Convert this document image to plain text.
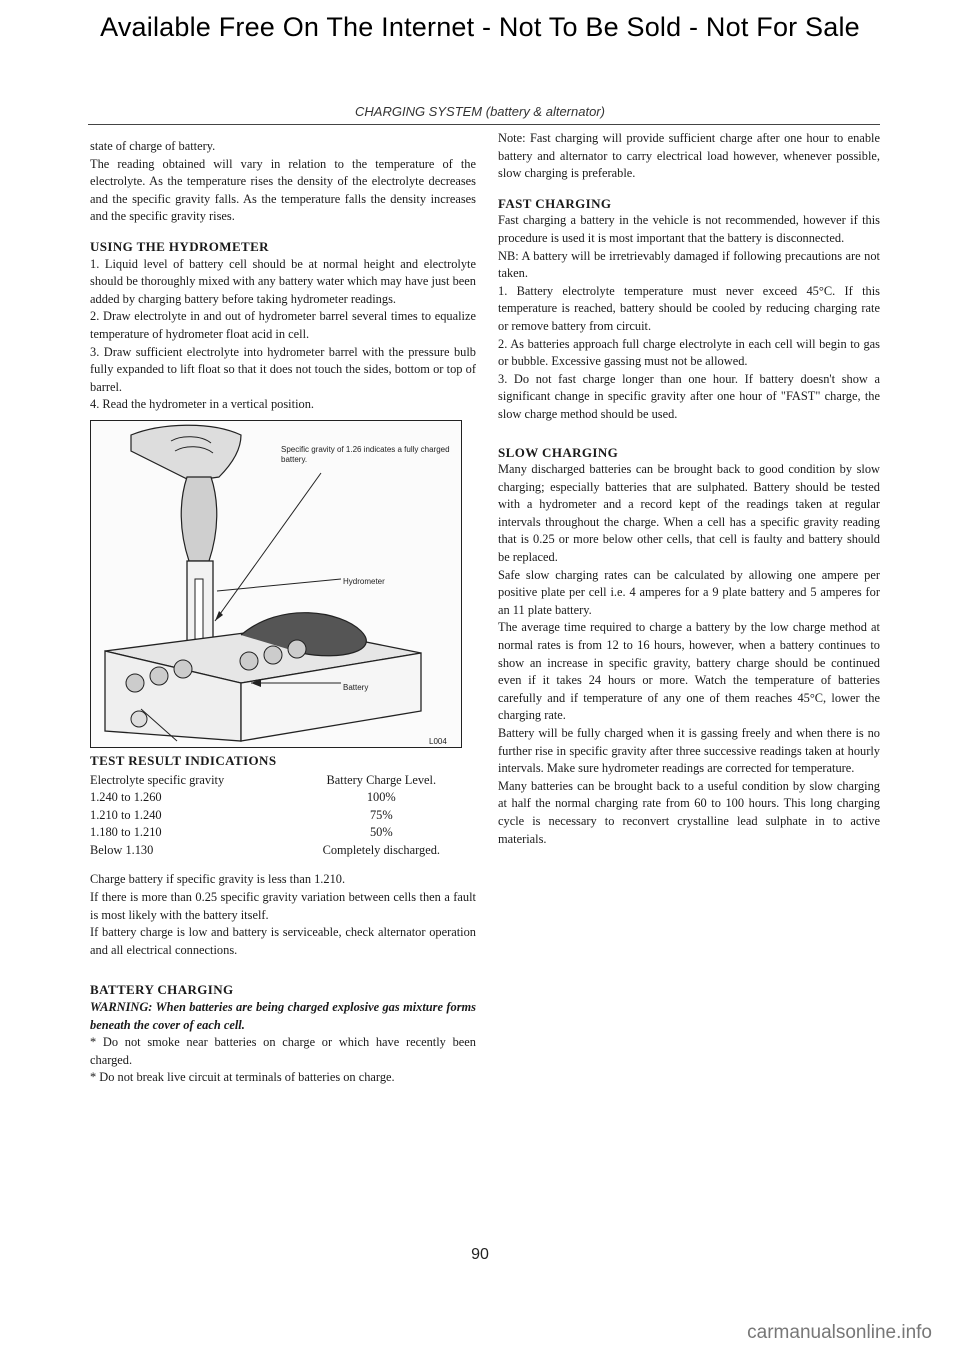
Available Free On The Internet - Not To Be Sold - Not For Sale
CHARGING SYSTEM (battery & alternator)

state of charge of battery.

The reading obtained will vary in relation to the temperature of the electrolyte. As the temperature rises the density of the electrolyte decreases and the specific gravity falls. As the temperature falls the density increases and the specific gravity rises.

USING THE HYDROMETER

1. Liquid level of battery cell should be at normal height and electrolyte should be thoroughly mixed with any battery water which may have just been added by charging battery before taking hydrometer readings.

2. Draw electrolyte in and out of hydrometer barrel several times to equalize temperature of hydrometer float acid in cell.

3. Draw sufficient electrolyte into hydrometer barrel with the pressure bulb fully expanded to lift float so that it does not touch the sides, bottom or top of barrel.

4. Read the hydrometer in a vertical position.

Specific gravity of 1.26 indicates a fully charged battery.
Hydrometer
Battery
L004

TEST RESULT INDICATIONS

Electrolyte specific gravity	Battery Charge Level.
1.240 to 1.260	100%
1.210 to 1.240	75%
1.180 to 1.210	50%
Below 1.130	Completely discharged.

Charge battery if specific gravity is less than 1.210.

If there is more than 0.25 specific gravity variation between cells then a fault is most likely with the battery itself.

If battery charge is low and battery is serviceable, check alternator operation and all electrical connections.

BATTERY CHARGING

WARNING: When batteries are being charged explosive gas mixture forms beneath the cover of each cell.

* Do not smoke near batteries on charge or which have recently been charged.

* Do not break live circuit at terminals of batteries on charge.

Note: Fast charging will provide sufficient charge after one hour to enable battery and alternator to carry electrical load however, whenever possible, slow charging is preferable.

FAST CHARGING

Fast charging a battery in the vehicle is not recommended, however if this procedure is used it is most important that the battery is disconnected.

NB: A battery will be irretrievably damaged if following precautions are not taken.

1. Battery electrolyte temperature must never exceed 45°C. If this temperature is reached, battery should be cooled by reducing charging rate or remove battery from circuit.

2. As batteries approach full charge electrolyte in each cell will begin to gas or bubble. Excessive gassing must not be allowed.

3. Do not fast charge longer than one hour. If battery doesn't show a significant change in specific gravity after one hour of "FAST" charge, the slow charge method should be used.

SLOW CHARGING

Many discharged batteries can be brought back to good condition by slow charging; especially batteries that are sulphated. Battery should be tested with a hydrometer and a record kept of the readings taken at regular intervals throughout the charge. When a cell has a specific gravity reading that is 0.25 or more below other cells, that cell is faulty and battery should be replaced.

Safe slow charging rates can be calculated by allowing one ampere per positive plate per cell i.e. 4 amperes for a 9 plate battery and 5 amperes for an 11 plate battery.

The average time required to charge a battery by the low charge method at normal rates is from 12 to 16 hours, however, when a battery continues to show an increase in specific gravity, battery charge should be continued even if it takes 24 hours or more. Watch the temperature of batteries carefully and if temperature of any one of them reaches 45°C, lower the charging rate.

Battery will be fully charged when it is gassing freely and when there is no further rise in specific gravity after three successive readings taken at hourly intervals. Make sure hydrometer readings are corrected for temperature.

Many batteries can be brought back to a useful condition by slow charging at half the normal charging rate from 60 to 100 hours. This long charging cycle is necessary to reconvert crystalline lead sulphate in to active materials.

90
carmanualsonline.info
